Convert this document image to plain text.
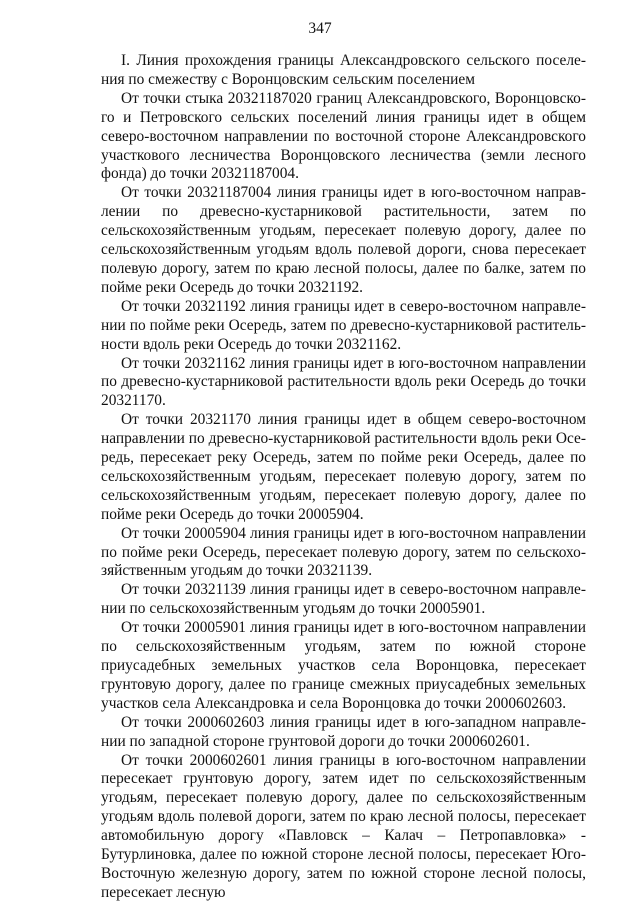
347

I. Линия прохождения границы Александровского сельского поселения по смежеству с Воронцовским сельским поселением

От точки стыка 20321187020 границ Александровского, Воронцовского и Петровского сельских поселений линия границы идет в общем северо-восточном направлении по восточной стороне Александровского участкового лесничества Воронцовского лесничества (земли лесного фонда) до точки 20321187004.

От точки 20321187004 линия границы идет в юго-восточном направлении по древесно-кустарниковой растительности, затем по сельскохозяйственным угодьям, пересекает полевую дорогу, далее по сельскохозяйственным угодьям вдоль полевой дороги, снова пересекает полевую дорогу, затем по краю лесной полосы, далее по балке, затем по пойме реки Осередь до точки 20321192.

От точки 20321192 линия границы идет в северо-восточном направлении по пойме реки Осередь, затем по древесно-кустарниковой растительности вдоль реки Осередь до точки 20321162.

От точки 20321162 линия границы идет в юго-восточном направлении по древесно-кустарниковой растительности вдоль реки Осередь до точки 20321170.

От точки 20321170 линия границы идет в общем северо-восточном направлении по древесно-кустарниковой растительности вдоль реки Осередь, пересекает реку Осередь, затем по пойме реки Осередь, далее по сельскохозяйственным угодьям, пересекает полевую дорогу, затем по сельскохозяйственным угодьям, пересекает полевую дорогу, далее по пойме реки Осередь до точки 20005904.

От точки 20005904 линия границы идет в юго-восточном направлении по пойме реки Осередь, пересекает полевую дорогу, затем по сельскохозяйственным угодьям до точки 20321139.

От точки 20321139 линия границы идет в северо-восточном направлении по сельскохозяйственным угодьям до точки 20005901.

От точки 20005901 линия границы идет в юго-восточном направлении по сельскохозяйственным угодьям, затем по южной стороне приусадебных земельных участков села Воронцовка, пересекает грунтовую дорогу, далее по границе смежных приусадебных земельных участков села Александровка и села Воронцовка до точки 2000602603.

От точки 2000602603 линия границы идет в юго-западном направлении по западной стороне грунтовой дороги до точки 2000602601.

От точки 2000602601 линия границы в юго-восточном направлении пересекает грунтовую дорогу, затем идет по сельскохозяйственным угодьям, пересекает полевую дорогу, далее по сельскохозяйственным угодьям вдоль полевой дороги, затем по краю лесной полосы, пересекает автомобильную дорогу «Павловск – Калач – Петропавловка» - Бутурлиновка, далее по южной стороне лесной полосы, пересекает Юго-Восточную железную дорогу, затем по южной стороне лесной полосы, пересекает лесную
